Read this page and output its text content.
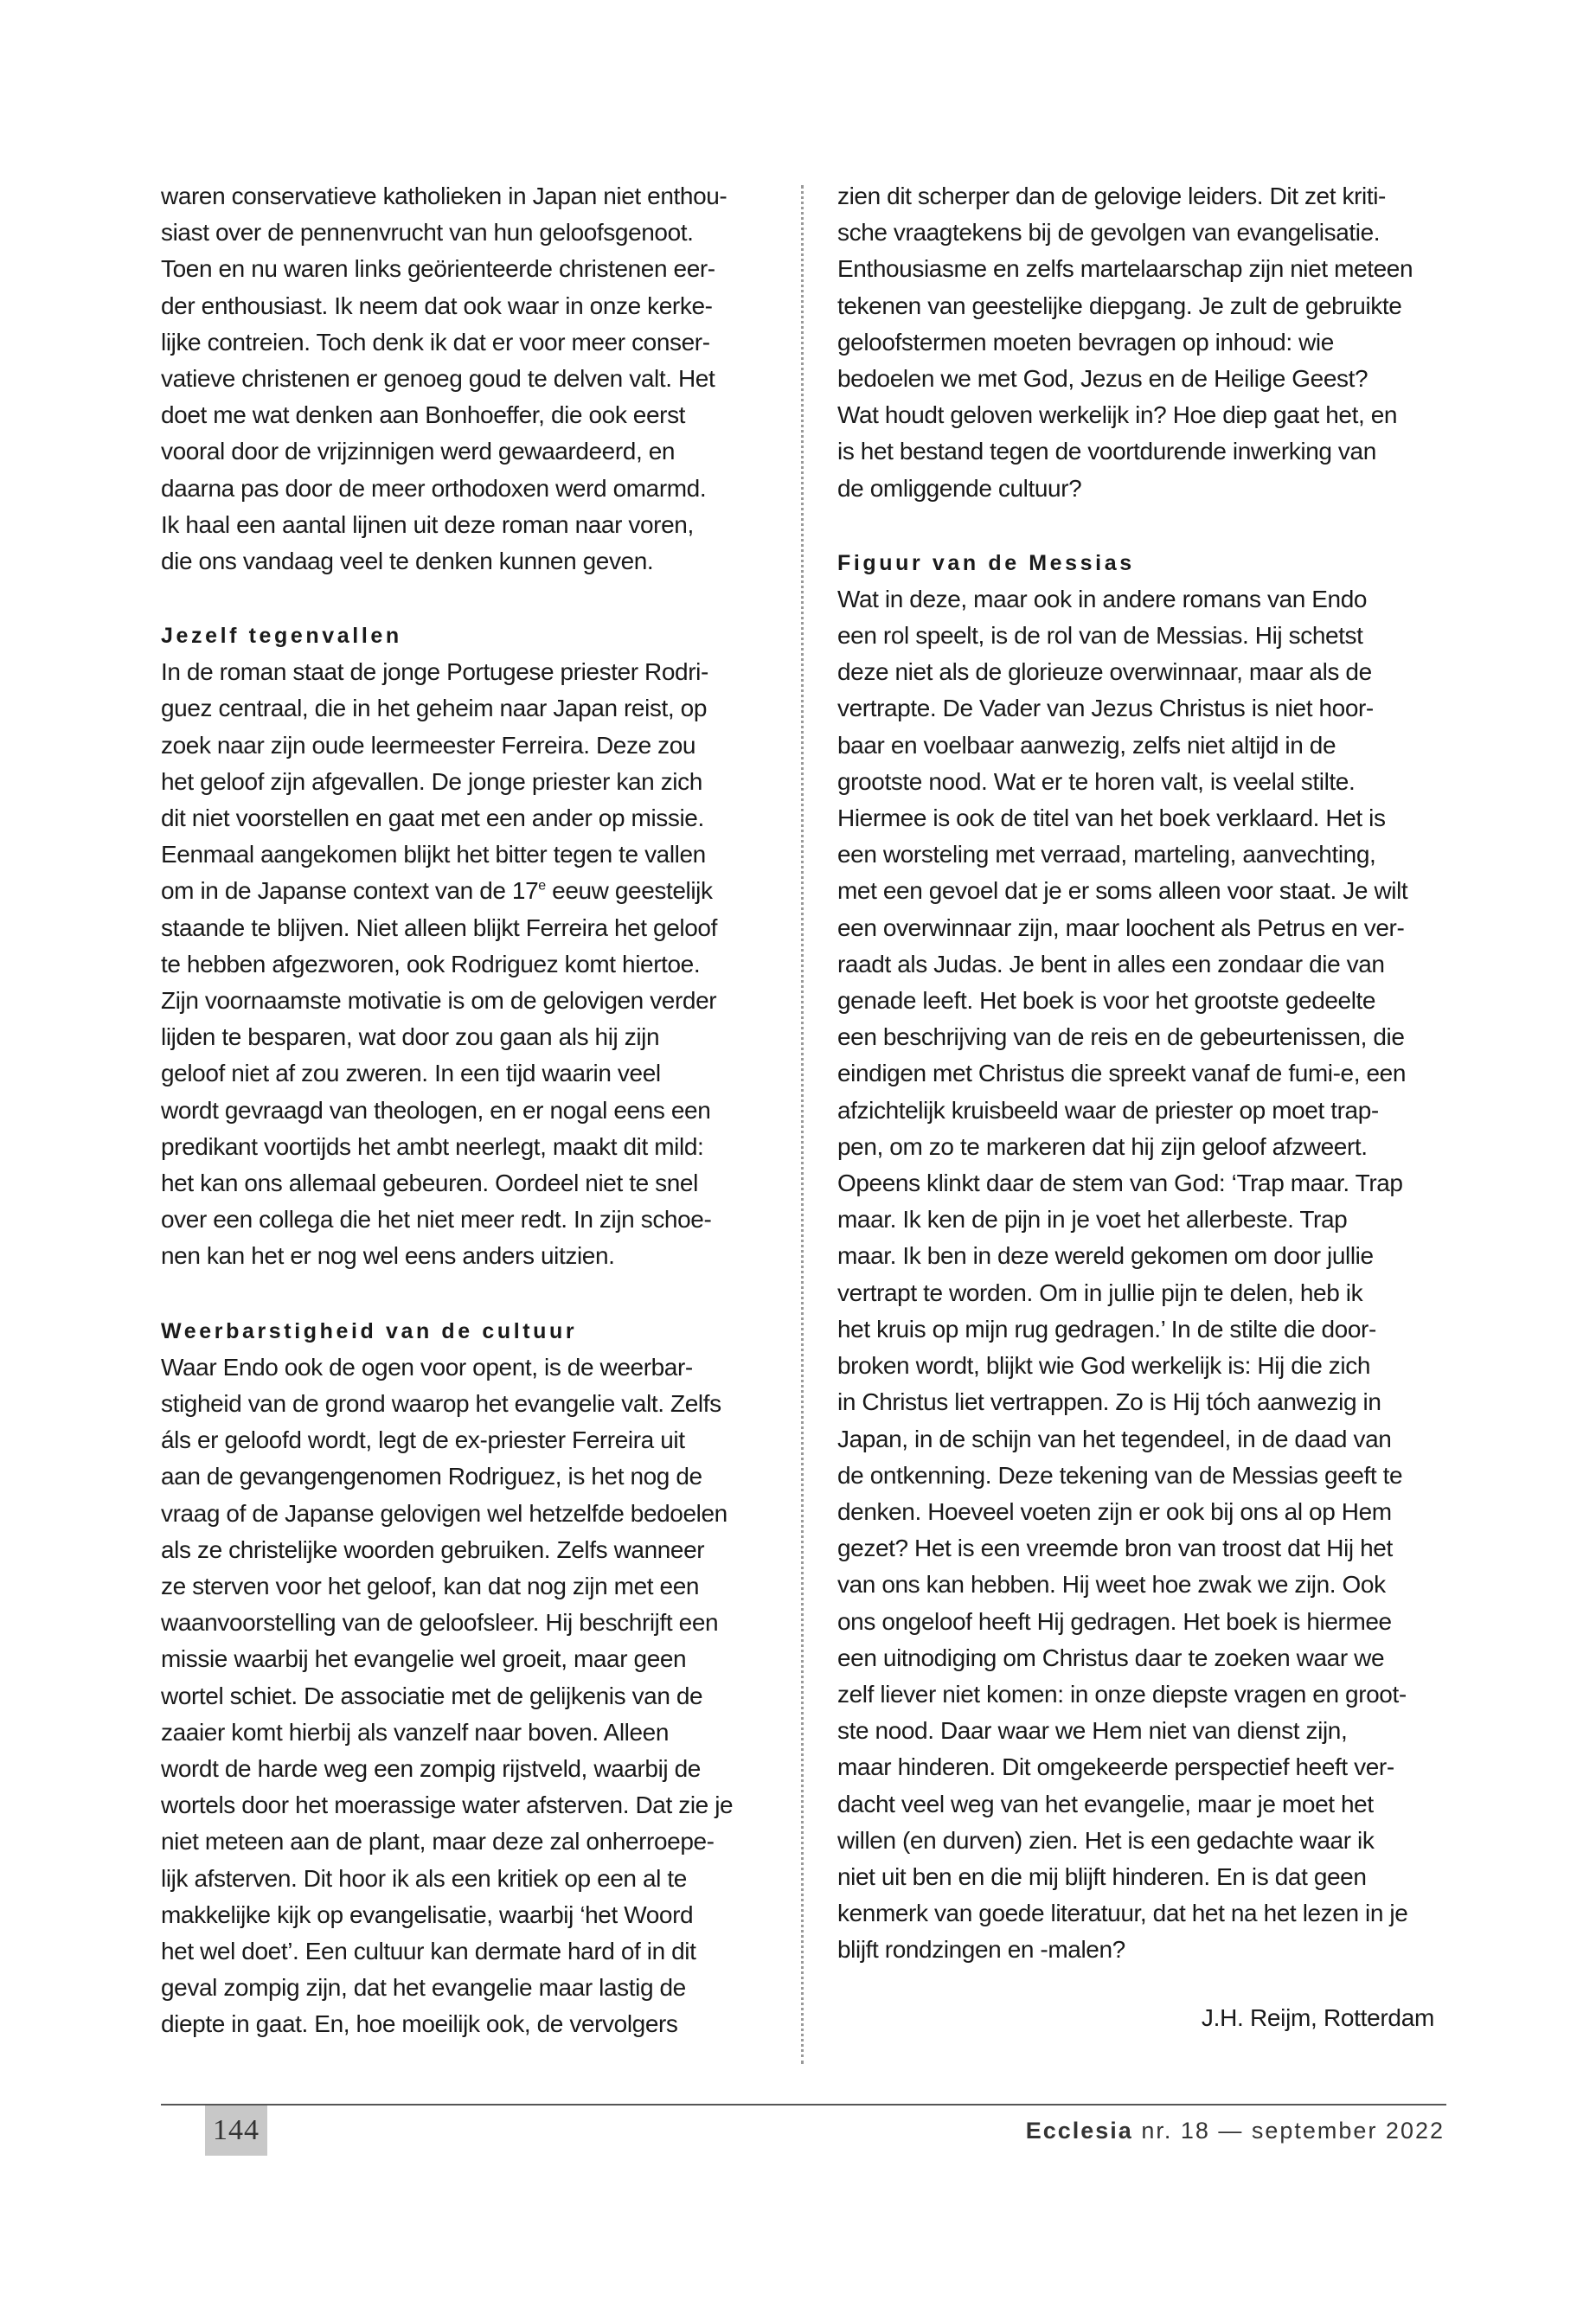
waren conservatieve katholieken in Japan niet enthou-
siast over de pennenvrucht van hun geloofsgenoot.
Toen en nu waren links geörienteerde christenen eer-
der enthousiast. Ik neem dat ook waar in onze kerke-
lijke contreien. Toch denk ik dat er voor meer conser-
vatieve christenen er genoeg goud te delven valt. Het
doet me wat denken aan Bonhoeffer, die ook eerst
vooral door de vrijzinnigen werd gewaardeerd, en
daarna pas door de meer orthodoxen werd omarmd.
Ik haal een aantal lijnen uit deze roman naar voren,
die ons vandaag veel te denken kunnen geven.

Jezelf tegenvallen

In de roman staat de jonge Portugese priester Rodri-
guez centraal, die in het geheim naar Japan reist, op
zoek naar zijn oude leermeester Ferreira. Deze zou
het geloof zijn afgevallen. De jonge priester kan zich
dit niet voorstellen en gaat met een ander op missie.
Eenmaal aangekomen blijkt het bitter tegen te vallen
om in de Japanse context van de 17e eeuw geestelijk
staande te blijven. Niet alleen blijkt Ferreira het geloof
te hebben afgezworen, ook Rodriguez komt hiertoe.
Zijn voornaamste motivatie is om de gelovigen verder
lijden te besparen, wat door zou gaan als hij zijn
geloof niet af zou zweren. In een tijd waarin veel
wordt gevraagd van theologen, en er nogal eens een
predikant voortijds het ambt neerlegt, maakt dit mild:
het kan ons allemaal gebeuren. Oordeel niet te snel
over een collega die het niet meer redt. In zijn schoe-
nen kan het er nog wel eens anders uitzien.

Weerbarstigheid van de cultuur

Waar Endo ook de ogen voor opent, is de weerbar-
stigheid van de grond waarop het evangelie valt. Zelfs
áls er geloofd wordt, legt de ex-priester Ferreira uit
aan de gevangengenomen Rodriguez, is het nog de
vraag of de Japanse gelovigen wel hetzelfde bedoelen
als ze christelijke woorden gebruiken. Zelfs wanneer
ze sterven voor het geloof, kan dat nog zijn met een
waanvoorstelling van de geloofsleer. Hij beschrijft een
missie waarbij het evangelie wel groeit, maar geen
wortel schiet. De associatie met de gelijkenis van de
zaaier komt hierbij als vanzelf naar boven. Alleen
wordt de harde weg een zompig rijstveld, waarbij de
wortels door het moerassige water afsterven. Dat zie je
niet meteen aan de plant, maar deze zal onherroepe-
lijk afsterven. Dit hoor ik als een kritiek op een al te
makkelijke kijk op evangelisatie, waarbij ‘het Woord
het wel doet’. Een cultuur kan dermate hard of in dit
geval zompig zijn, dat het evangelie maar lastig de
diepte in gaat. En, hoe moeilijk ook, de vervolgers

zien dit scherper dan de gelovige leiders. Dit zet kriti-
sche vraagtekens bij de gevolgen van evangelisatie.
Enthousiasme en zelfs martelaarschap zijn niet meteen
tekenen van geestelijke diepgang. Je zult de gebruikte
geloofstermen moeten bevragen op inhoud: wie
bedoelen we met God, Jezus en de Heilige Geest?
Wat houdt geloven werkelijk in? Hoe diep gaat het, en
is het bestand tegen de voortdurende inwerking van
de omliggende cultuur?

Figuur van de Messias

Wat in deze, maar ook in andere romans van Endo
een rol speelt, is de rol van de Messias. Hij schetst
deze niet als de glorieuze overwinnaar, maar als de
vertrapte. De Vader van Jezus Christus is niet hoor-
baar en voelbaar aanwezig, zelfs niet altijd in de
grootste nood. Wat er te horen valt, is veelal stilte.
Hiermee is ook de titel van het boek verklaard. Het is
een worsteling met verraad, marteling, aanvechting,
met een gevoel dat je er soms alleen voor staat. Je wilt
een overwinnaar zijn, maar loochent als Petrus en ver-
raadt als Judas. Je bent in alles een zondaar die van
genade leeft. Het boek is voor het grootste gedeelte
een beschrijving van de reis en de gebeurtenissen, die
eindigen met Christus die spreekt vanaf de fumi-e, een
afzichtelijk kruisbeeld waar de priester op moet trap-
pen, om zo te markeren dat hij zijn geloof afzweert.
Opeens klinkt daar de stem van God: ‘Trap maar. Trap
maar. Ik ken de pijn in je voet het allerbeste. Trap
maar. Ik ben in deze wereld gekomen om door jullie
vertrapt te worden. Om in jullie pijn te delen, heb ik
het kruis op mijn rug gedragen.’ In de stilte die door-
broken wordt, blijkt wie God werkelijk is: Hij die zich
in Christus liet vertrappen. Zo is Hij tóch aanwezig in
Japan, in de schijn van het tegendeel, in de daad van
de ontkenning. Deze tekening van de Messias geeft te
denken. Hoeveel voeten zijn er ook bij ons al op Hem
gezet? Het is een vreemde bron van troost dat Hij het
van ons kan hebben. Hij weet hoe zwak we zijn. Ook
ons ongeloof heeft Hij gedragen. Het boek is hiermee
een uitnodiging om Christus daar te zoeken waar we
zelf liever niet komen: in onze diepste vragen en groot-
ste nood. Daar waar we Hem niet van dienst zijn,
maar hinderen. Dit omgekeerde perspectief heeft ver-
dacht veel weg van het evangelie, maar je moet het
willen (en durven) zien. Het is een gedachte waar ik
niet uit ben en die mij blijft hinderen. En is dat geen
kenmerk van goede literatuur, dat het na het lezen in je
blijft rondzingen en -malen?

J.H. Reijm, Rotterdam
144	Ecclesia nr. 18 — september 2022
